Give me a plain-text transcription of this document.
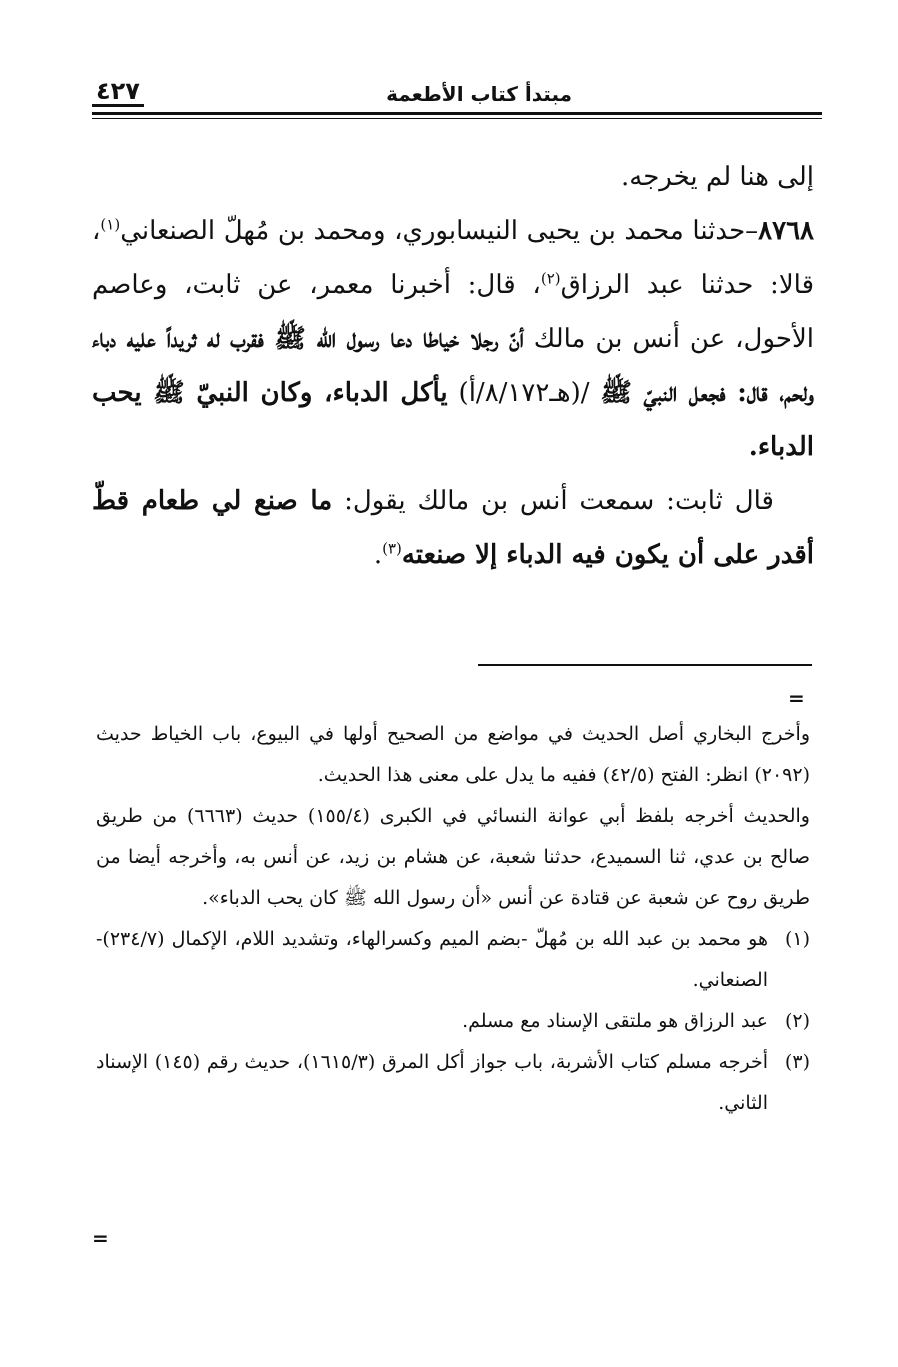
مبتدأ كتاب الأطعمة
٤٢٧

إلى هنا لم يخرجه.

٨٧٦٨–حدثنا محمد بن يحيى النيسابوري، ومحمد بن مُهلّ الصنعاني$^{(١)}$، قالا: حدثنا عبد الرزاق$^{(٢)}$، قال: أخبرنا معمر، عن ثابت، وعاصم الأحول، عن أنس بن مالك أنّ رجلا خياطا دعا رسول الله ﷺ فقرب له ثريداً عليه دباء ولحم، قال: فجعل النبيّ ﷺ /(هـ٨/١٧٢/أ) يأكل الدباء، وكان النبيّ ﷺ يحب الدباء.

قال ثابت: سمعت أنس بن مالك يقول: ما صنع لي طعام قطّ أقدر على أن يكون فيه الدباء إلا صنعته$^{(٣)}$.

=

وأخرج البخاري أصل الحديث في مواضع من الصحيح أولها في البيوع، باب الخياط حديث (٢٠٩٢) انظر: الفتح (٤٢/٥) ففيه ما يدل على معنى هذا الحديث.

والحديث أخرجه بلفظ أبي عوانة النسائي في الكبرى (١٥٥/٤) حديث (٦٦٦٣) من طريق صالح بن عدي، ثنا السميدع، حدثنا شعبة، عن هشام بن زيد، عن أنس به، وأخرجه أيضا من طريق روح عن شعبة عن قتادة عن أنس «أن رسول الله ﷺ كان يحب الدباء».

(١)هو محمد بن عبد الله بن مُهلّ -بضم الميم وكسرالهاء، وتشديد اللام، الإكمال (٢٣٤/٧)- الصنعاني.

(٢)عبد الرزاق هو ملتقى الإسناد مع مسلم.

(٣)أخرجه مسلم كتاب الأشربة، باب جواز أكل المرق (١٦١٥/٣)، حديث رقم (١٤٥) الإسناد الثاني.

=
